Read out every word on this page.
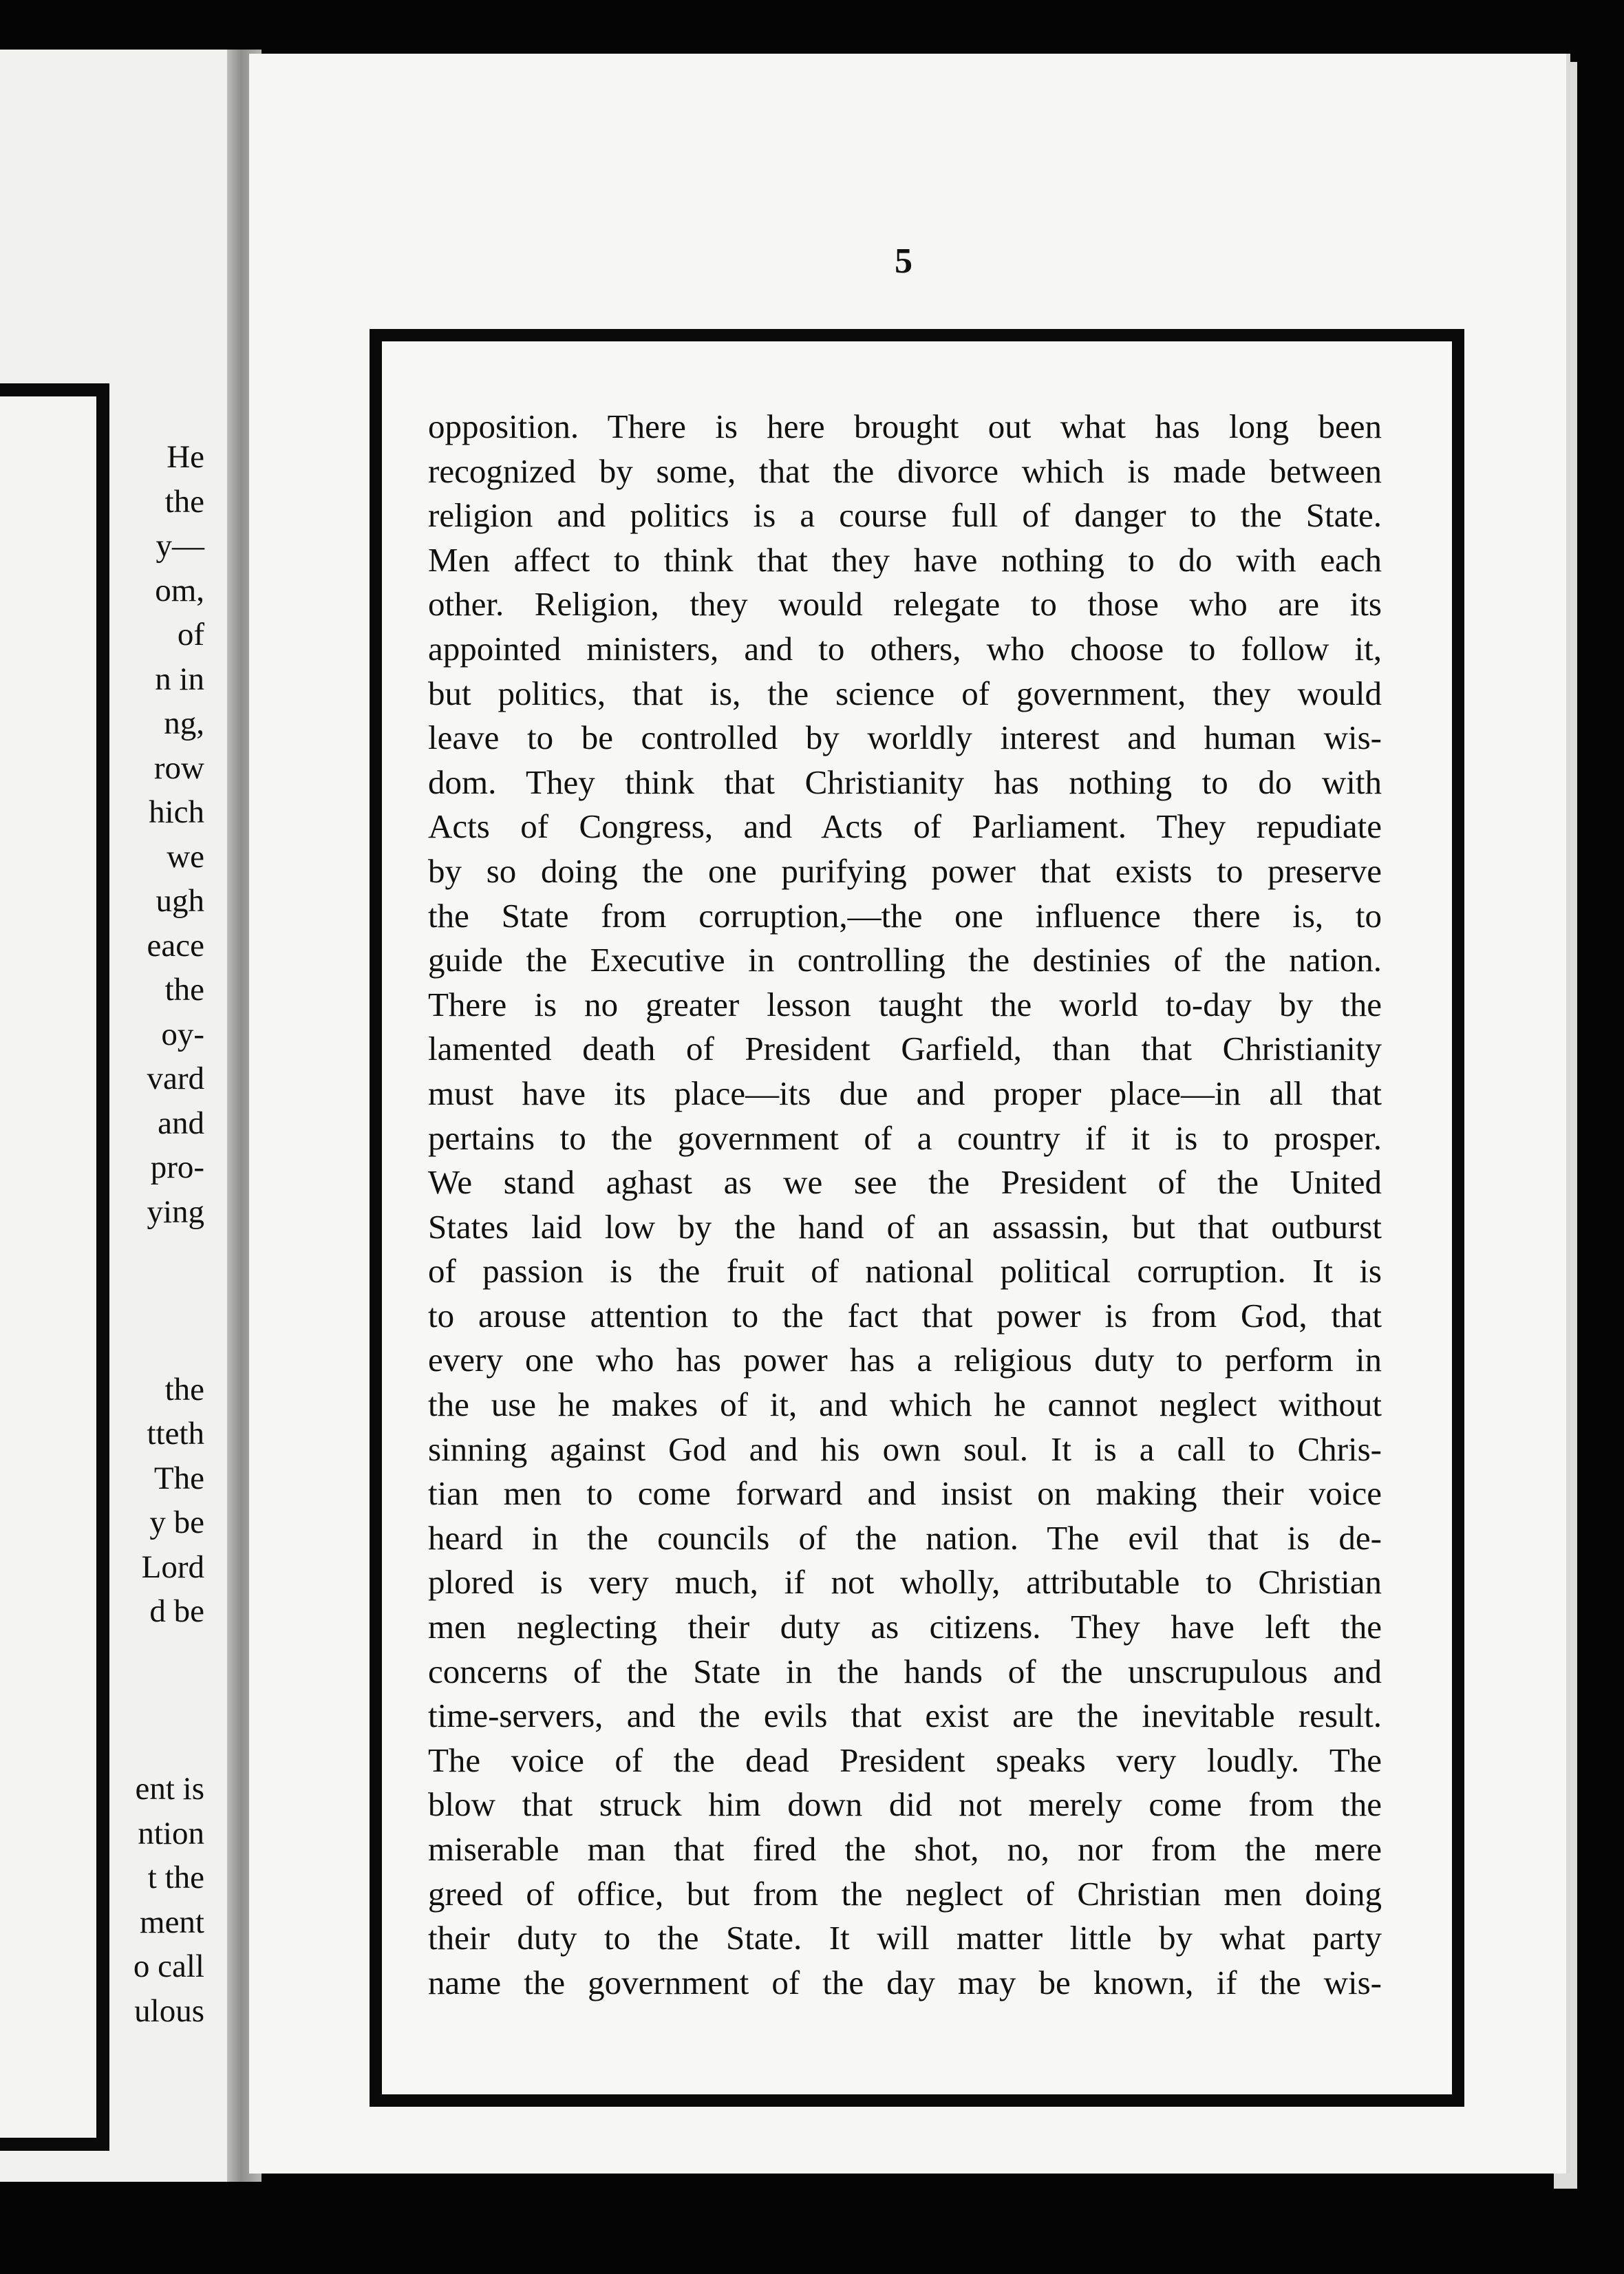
He
the
y—
om,
of
n in
ng,
row
hich
we
ugh
eace
the
oy-
vard
and
pro-
ying
the
tteth
The
y be
Lord
d be
ent is
ntion
t the
ment
o call
ulous
5
opposition. There is here brought out what has long been
recognized by some, that the divorce which is made between
religion and politics is a course full of danger to the State.
Men affect to think that they have nothing to do with each
other. Religion, they would relegate to those who are its
appointed ministers, and to others, who choose to follow it,
but politics, that is, the science of government, they would
leave to be controlled by worldly interest and human wis-
dom. They think that Christianity has nothing to do with
Acts of Congress, and Acts of Parliament. They repudiate
by so doing the one purifying power that exists to preserve
the State from corruption,—the one influence there is, to
guide the Executive in controlling the destinies of the nation.
There is no greater lesson taught the world to-day by the
lamented death of President Garfield, than that Christianity
must have its place—its due and proper place—in all that
pertains to the government of a country if it is to prosper.
We stand aghast as we see the President of the United
States laid low by the hand of an assassin, but that outburst
of passion is the fruit of national political corruption. It is
to arouse attention to the fact that power is from God, that
every one who has power has a religious duty to perform in
the use he makes of it, and which he cannot neglect without
sinning against God and his own soul. It is a call to Chris-
tian men to come forward and insist on making their voice
heard in the councils of the nation. The evil that is de-
plored is very much, if not wholly, attributable to Christian
men neglecting their duty as citizens. They have left the
concerns of the State in the hands of the unscrupulous and
time-servers, and the evils that exist are the inevitable result.
The voice of the dead President speaks very loudly. The
blow that struck him down did not merely come from the
miserable man that fired the shot, no, nor from the mere
greed of office, but from the neglect of Christian men doing
their duty to the State. It will matter little by what party
name the government of the day may be known, if the wis-
